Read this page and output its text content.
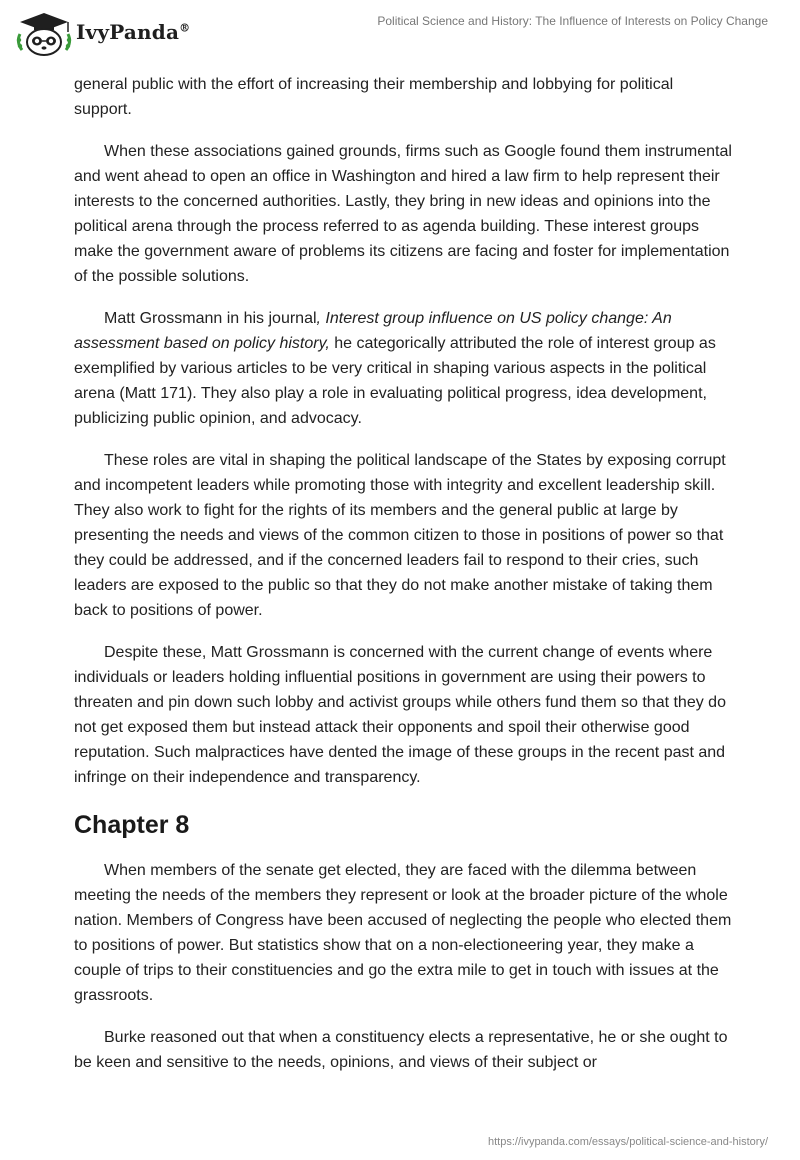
IvyPanda®	Political Science and History: The Influence of Interests on Policy Change

general public with the effort of increasing their membership and lobbying for political support.

When these associations gained grounds, firms such as Google found them instrumental and went ahead to open an office in Washington and hired a law firm to help represent their interests to the concerned authorities. Lastly, they bring in new ideas and opinions into the political arena through the process referred to as agenda building. These interest groups make the government aware of problems its citizens are facing and foster for implementation of the possible solutions.

Matt Grossmann in his journal, Interest group influence on US policy change: An assessment based on policy history, he categorically attributed the role of interest group as exemplified by various articles to be very critical in shaping various aspects in the political arena (Matt 171). They also play a role in evaluating political progress, idea development, publicizing public opinion, and advocacy.

These roles are vital in shaping the political landscape of the States by exposing corrupt and incompetent leaders while promoting those with integrity and excellent leadership skill. They also work to fight for the rights of its members and the general public at large by presenting the needs and views of the common citizen to those in positions of power so that they could be addressed, and if the concerned leaders fail to respond to their cries, such leaders are exposed to the public so that they do not make another mistake of taking them back to positions of power.

Despite these, Matt Grossmann is concerned with the current change of events where individuals or leaders holding influential positions in government are using their powers to threaten and pin down such lobby and activist groups while others fund them so that they do not get exposed them but instead attack their opponents and spoil their otherwise good reputation. Such malpractices have dented the image of these groups in the recent past and infringe on their independence and transparency.

Chapter 8

When members of the senate get elected, they are faced with the dilemma between meeting the needs of the members they represent or look at the broader picture of the whole nation. Members of Congress have been accused of neglecting the people who elected them to positions of power. But statistics show that on a non-electioneering year, they make a couple of trips to their constituencies and go the extra mile to get in touch with issues at the grassroots.

Burke reasoned out that when a constituency elects a representative, he or she ought to be keen and sensitive to the needs, opinions, and views of their subject or

https://ivypanda.com/essays/political-science-and-history/
